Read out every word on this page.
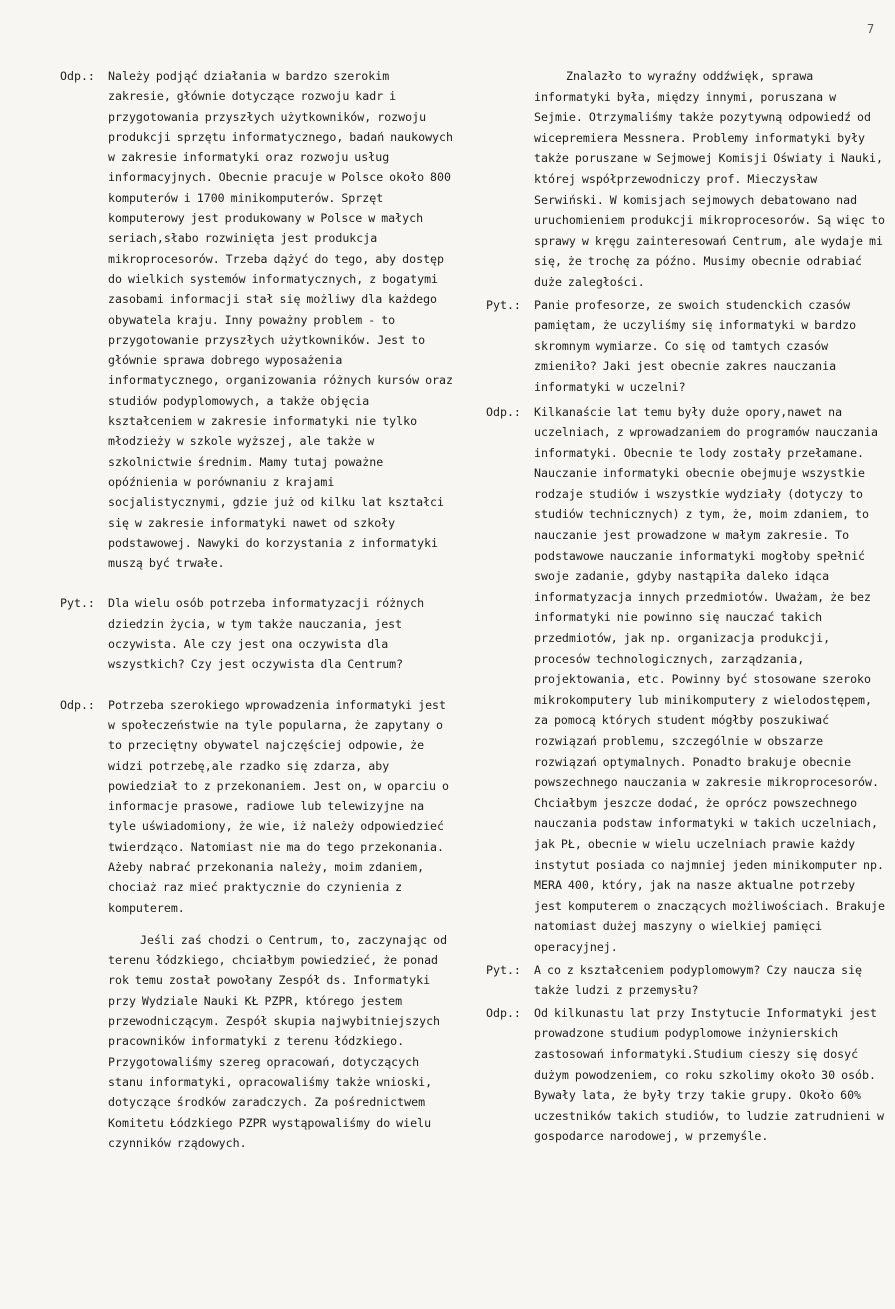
7
Odp.:	Należy podjąć działania w bardzo szerokim zakresie, głównie dotyczące rozwoju kadr i przygotowania przyszłych użytkowników, rozwoju produkcji sprzętu informatycznego, badań naukowych w zakresie informatyki oraz rozwoju usług informacyjnych. Obecnie pracuje w Polsce około 800 komputerów i 1700 minikomputerów. Sprzęt komputerowy jest produkowany w Polsce w małych seriach,słabo rozwinięta jest produkcja mikroprocesorów. Trzeba dążyć do tego, aby dostęp do wielkich systemów informatycznych, z bogatymi zasobami informacji stał się możliwy dla każdego obywatela kraju. Inny poważny problem - to przygotowanie przyszłych użytkowników. Jest to głównie sprawa dobrego wyposażenia informatycznego, organizowania różnych kursów oraz studiów podyplomowych, a także objęcia kształceniem w zakresie informatyki nie tylko młodzieży w szkole wyższej, ale także w szkolnictwie średnim. Mamy tutaj poważne opóźnienia w porównaniu z krajami socjalistycznymi, gdzie już od kilku lat kształci się w zakresie informatyki nawet od szkoły podstawowej. Nawyki do korzystania z informatyki muszą być trwałe.
Pyt.:	Dla wielu osób potrzeba informatyzacji różnych dziedzin życia, w tym także nauczania, jest oczywista. Ale czy jest ona oczywista dla wszystkich? Czy jest oczywista dla Centrum?
Odp.:	Potrzeba szerokiego wprowadzenia informatyki jest w społeczeństwie na tyle popularna, że zapytany o to przeciętny obywatel najczęściej odpowie, że widzi potrzebę,ale rzadko się zdarza, aby powiedział to z przekonaniem. Jest on, w oparciu o informacje prasowe, radiowe lub telewizyjne na tyle uświadomiony, że wie, iż należy odpowiedzieć twierdząco. Natomiast nie ma do tego przekonania. Ażeby nabrać przekonania należy, moim zdaniem, chociaż raz mieć praktycznie do czynienia z komputerem.
Jeśli zaś chodzi o Centrum, to, zaczynając od terenu łódzkiego, chciałbym powiedzieć, że ponad rok temu został powołany Zespół ds. Informatyki przy Wydziale Nauki KŁ PZPR, którego jestem przewodniczącym. Zespół skupia najwybitniejszych pracowników informatyki z terenu łódzkiego. Przygotowaliśmy szereg opracowań, dotyczących stanu informatyki, opracowaliśmy także wnioski, dotyczące środków zaradczych. Za pośrednictwem Komitetu Łódzkiego PZPR wystąpowaliśmy do wielu czynników rządowych.
Znalazło to wyraźny oddźwięk, sprawa informatyki była, między innymi, poruszana w Sejmie. Otrzymaliśmy także pozytywną odpowiedź od wicepremiera Messnera. Problemy informatyki były także poruszane w Sejmowej Komisji Oświaty i Nauki, której współprzewodniczy prof. Mieczysław Serwiński. W komisjach sejmowych debatowano nad uruchomieniem produkcji mikroprocesorów. Są więc to sprawy w kręgu zainteresowań Centrum, ale wydaje mi się, że trochę za późno. Musimy obecnie odrabiać duże zaległości.
Pyt.:	Panie profesorze, ze swoich studenckich czasów pamiętam, że uczyliśmy się informatyki w bardzo skromnym wymiarze. Co się od tamtych czasów zmieniło? Jaki jest obecnie zakres nauczania informatyki w uczelni?
Odp.:	Kilkanaście lat temu były duże opory,nawet na uczelniach, z wprowadzaniem do programów nauczania informatyki. Obecnie te lody zostały przełamane. Nauczanie informatyki obecnie obejmuje wszystkie rodzaje studiów i wszystkie wydziały (dotyczy to studiów technicznych) z tym, że, moim zdaniem, to nauczanie jest prowadzone w małym zakresie. To podstawowe nauczanie informatyki mogłoby spełnić swoje zadanie, gdyby nastąpiła daleko idąca informatyzacja innych przedmiotów. Uważam, że bez informatyki nie powinno się nauczać takich przedmiotów, jak np. organizacja produkcji, procesów technologicznych, zarządzania, projektowania, etc. Powinny być stosowane szeroko mikrokomputery lub minikomputery z wielodostępem, za pomocą których student mógłby poszukiwać rozwiązań problemu, szczególnie w obszarze rozwiązań optymalnych. Ponadto brakuje obecnie powszechnego nauczania w zakresie mikroprocesorów. Chciałbym jeszcze dodać, że oprócz powszechnego nauczania podstaw informatyki w takich uczelniach, jak PŁ, obecnie w wielu uczelniach prawie każdy instytut posiada co najmniej jeden minikomputer np. MERA 400, który, jak na nasze aktualne potrzeby jest komputerem o znaczących możliwościach. Brakuje natomiast dużej maszyny o wielkiej pamięci operacyjnej.
Pyt.:	A co z kształceniem podyplomowym? Czy naucza się także ludzi z przemysłu?
Odp.:	Od kilkunastu lat przy Instytucie Informatyki jest prowadzone studium podyplomowe inżynierskich zastosowań informatyki.Studium cieszy się dosyć dużym powodzeniem, co roku szkolimy około 30 osób. Bywały lata, że były trzy takie grupy. Około 60% uczestników takich studiów, to ludzie zatrudnieni w gospodarce narodowej, w przemyśle.
